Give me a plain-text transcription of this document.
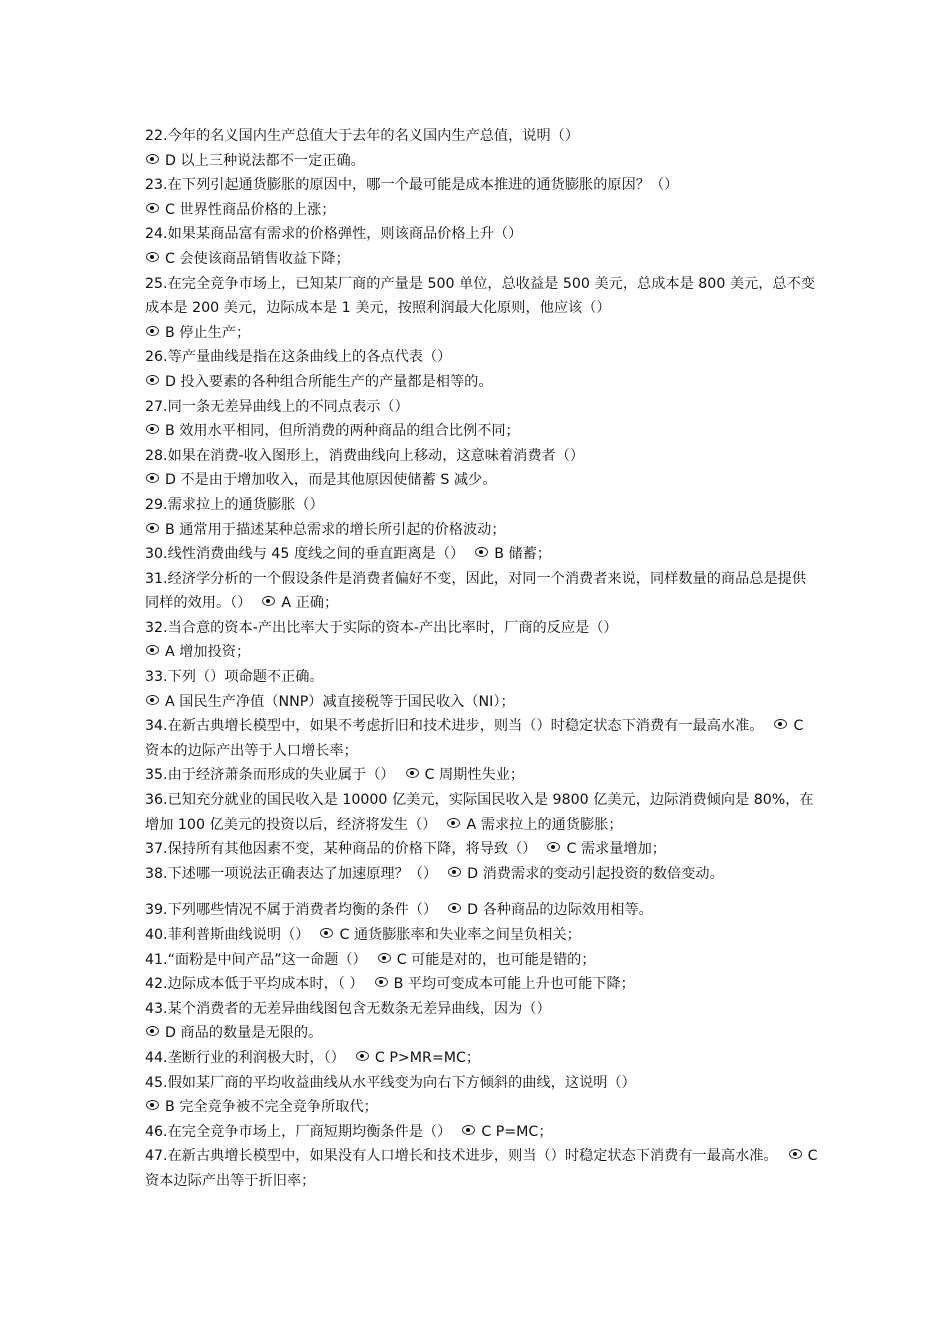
22.今年的名义国内生产总值大于去年的名义国内生产总值，说明（）

D 以上三种说法都不一定正确。

23.在下列引起通货膨胀的原因中，哪一个最可能是成本推进的通货膨胀的原因？（）

C 世界性商品价格的上涨；

24.如果某商品富有需求的价格弹性，则该商品价格上升（）

C 会使该商品销售收益下降；

25.在完全竞争市场上，已知某厂商的产量是 500 单位，总收益是 500 美元，总成本是 800 美元，总不变成本是 200 美元，边际成本是 1 美元，按照利润最大化原则，他应该（）

B 停止生产；

26.等产量曲线是指在这条曲线上的各点代表（）

D 投入要素的各种组合所能生产的产量都是相等的。

27.同一条无差异曲线上的不同点表示（）

B 效用水平相同，但所消费的两种商品的组合比例不同；

28.如果在消费-收入图形上，消费曲线向上移动，这意味着消费者（）

D 不是由于增加收入，而是其他原因使储蓄 S 减少。

29.需求拉上的通货膨胀（）

B 通常用于描述某种总需求的增长所引起的价格波动；

30.线性消费曲线与 45 度线之间的垂直距离是（） B 储蓄；

31.经济学分析的一个假设条件是消费者偏好不变，因此，对同一个消费者来说，同样数量的商品总是提供同样的效用。（） A 正确；

32.当合意的资本-产出比率大于实际的资本-产出比率时，厂商的反应是（）

A 增加投资；

33.下列（）项命题不正确。

A 国民生产净值（NNP）减直接税等于国民收入（NI）；

34.在新古典增长模型中，如果不考虑折旧和技术进步，则当（）时稳定状态下消费有一最高水准。 C 资本的边际产出等于人口增长率；

35.由于经济萧条而形成的失业属于（） C 周期性失业；

36.已知充分就业的国民收入是 10000 亿美元，实际国民收入是 9800 亿美元，边际消费倾向是 80%，在增加 100 亿美元的投资以后，经济将发生（） A 需求拉上的通货膨胀；

37.保持所有其他因素不变，某种商品的价格下降，将导致（） C 需求量增加；

38.下述哪一项说法正确表达了加速原理？（） D 消费需求的变动引起投资的数倍变动。

39.下列哪些情况不属于消费者均衡的条件（） D 各种商品的边际效用相等。

40.菲利普斯曲线说明（） C 通货膨胀率和失业率之间呈负相关；

41.“面粉是中间产品”这一命题（） C 可能是对的，也可能是错的；

42.边际成本低于平均成本时，（ ） B 平均可变成本可能上升也可能下降；

43.某个消费者的无差异曲线图包含无数条无差异曲线，因为（）

D 商品的数量是无限的。

44.垄断行业的利润极大时，（） C P>MR=MC；

45.假如某厂商的平均收益曲线从水平线变为向右下方倾斜的曲线，这说明（）

B 完全竞争被不完全竞争所取代；

46.在完全竞争市场上，厂商短期均衡条件是（） C P=MC；

47.在新古典增长模型中，如果没有人口增长和技术进步，则当（）时稳定状态下消费有一最高水准。 C 资本边际产出等于折旧率；
